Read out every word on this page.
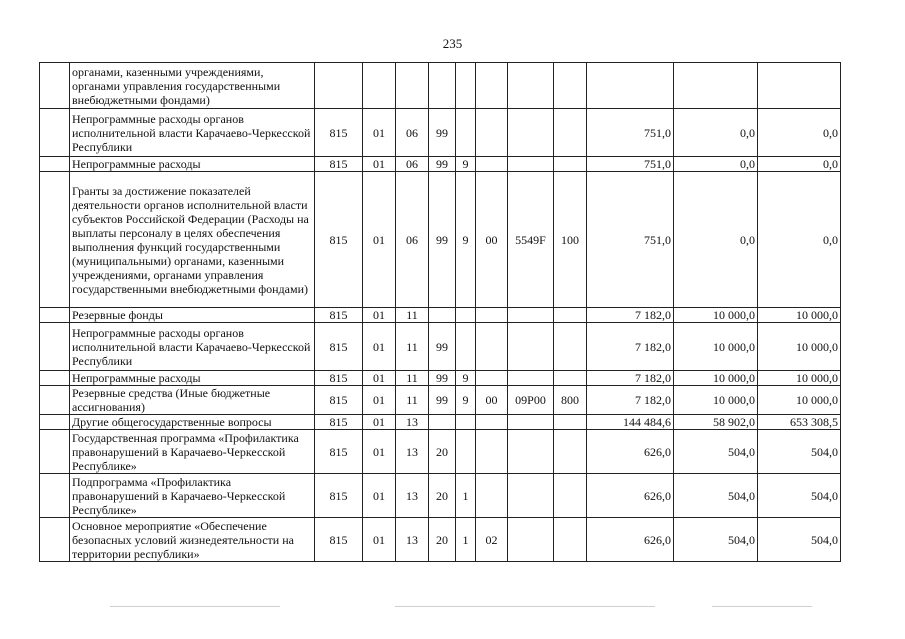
235
	органами, казенными учреждениями, органами управления государственными внебюджетными фондами)											
	Непрограммные расходы органов исполнительной власти Карачаево-Черкесской Республики	815	01	06	99					751,0	0,0	0,0
	Непрограммные расходы	815	01	06	99	9				751,0	0,0	0,0
	Гранты за достижение показателей деятельности органов исполнительной власти субъектов Российской Федерации (Расходы на выплаты персоналу в целях обеспечения выполнения функций государственными (муниципальными) органами, казенными учреждениями, органами управления государственными внебюджетными фондами)	815	01	06	99	9	00	5549F	100	751,0	0,0	0,0
	Резервные фонды	815	01	11						7 182,0	10 000,0	10 000,0
	Непрограммные расходы органов исполнительной власти Карачаево-Черкесской Республики	815	01	11	99					7 182,0	10 000,0	10 000,0
	Непрограммные расходы	815	01	11	99	9				7 182,0	10 000,0	10 000,0
	Резервные средства (Иные бюджетные ассигнования)	815	01	11	99	9	00	09Р00	800	7 182,0	10 000,0	10 000,0
	Другие общегосударственные вопросы	815	01	13						144 484,6	58 902,0	653 308,5
	Государственная программа «Профилактика правонарушений в Карачаево-Черкесской Республике»	815	01	13	20					626,0	504,0	504,0
	Подпрограмма «Профилактика правонарушений в Карачаево-Черкесской Республике»	815	01	13	20	1				626,0	504,0	504,0
	Основное мероприятие «Обеспечение безопасных условий жизнедеятельности на территории республики»	815	01	13	20	1	02			626,0	504,0	504,0
